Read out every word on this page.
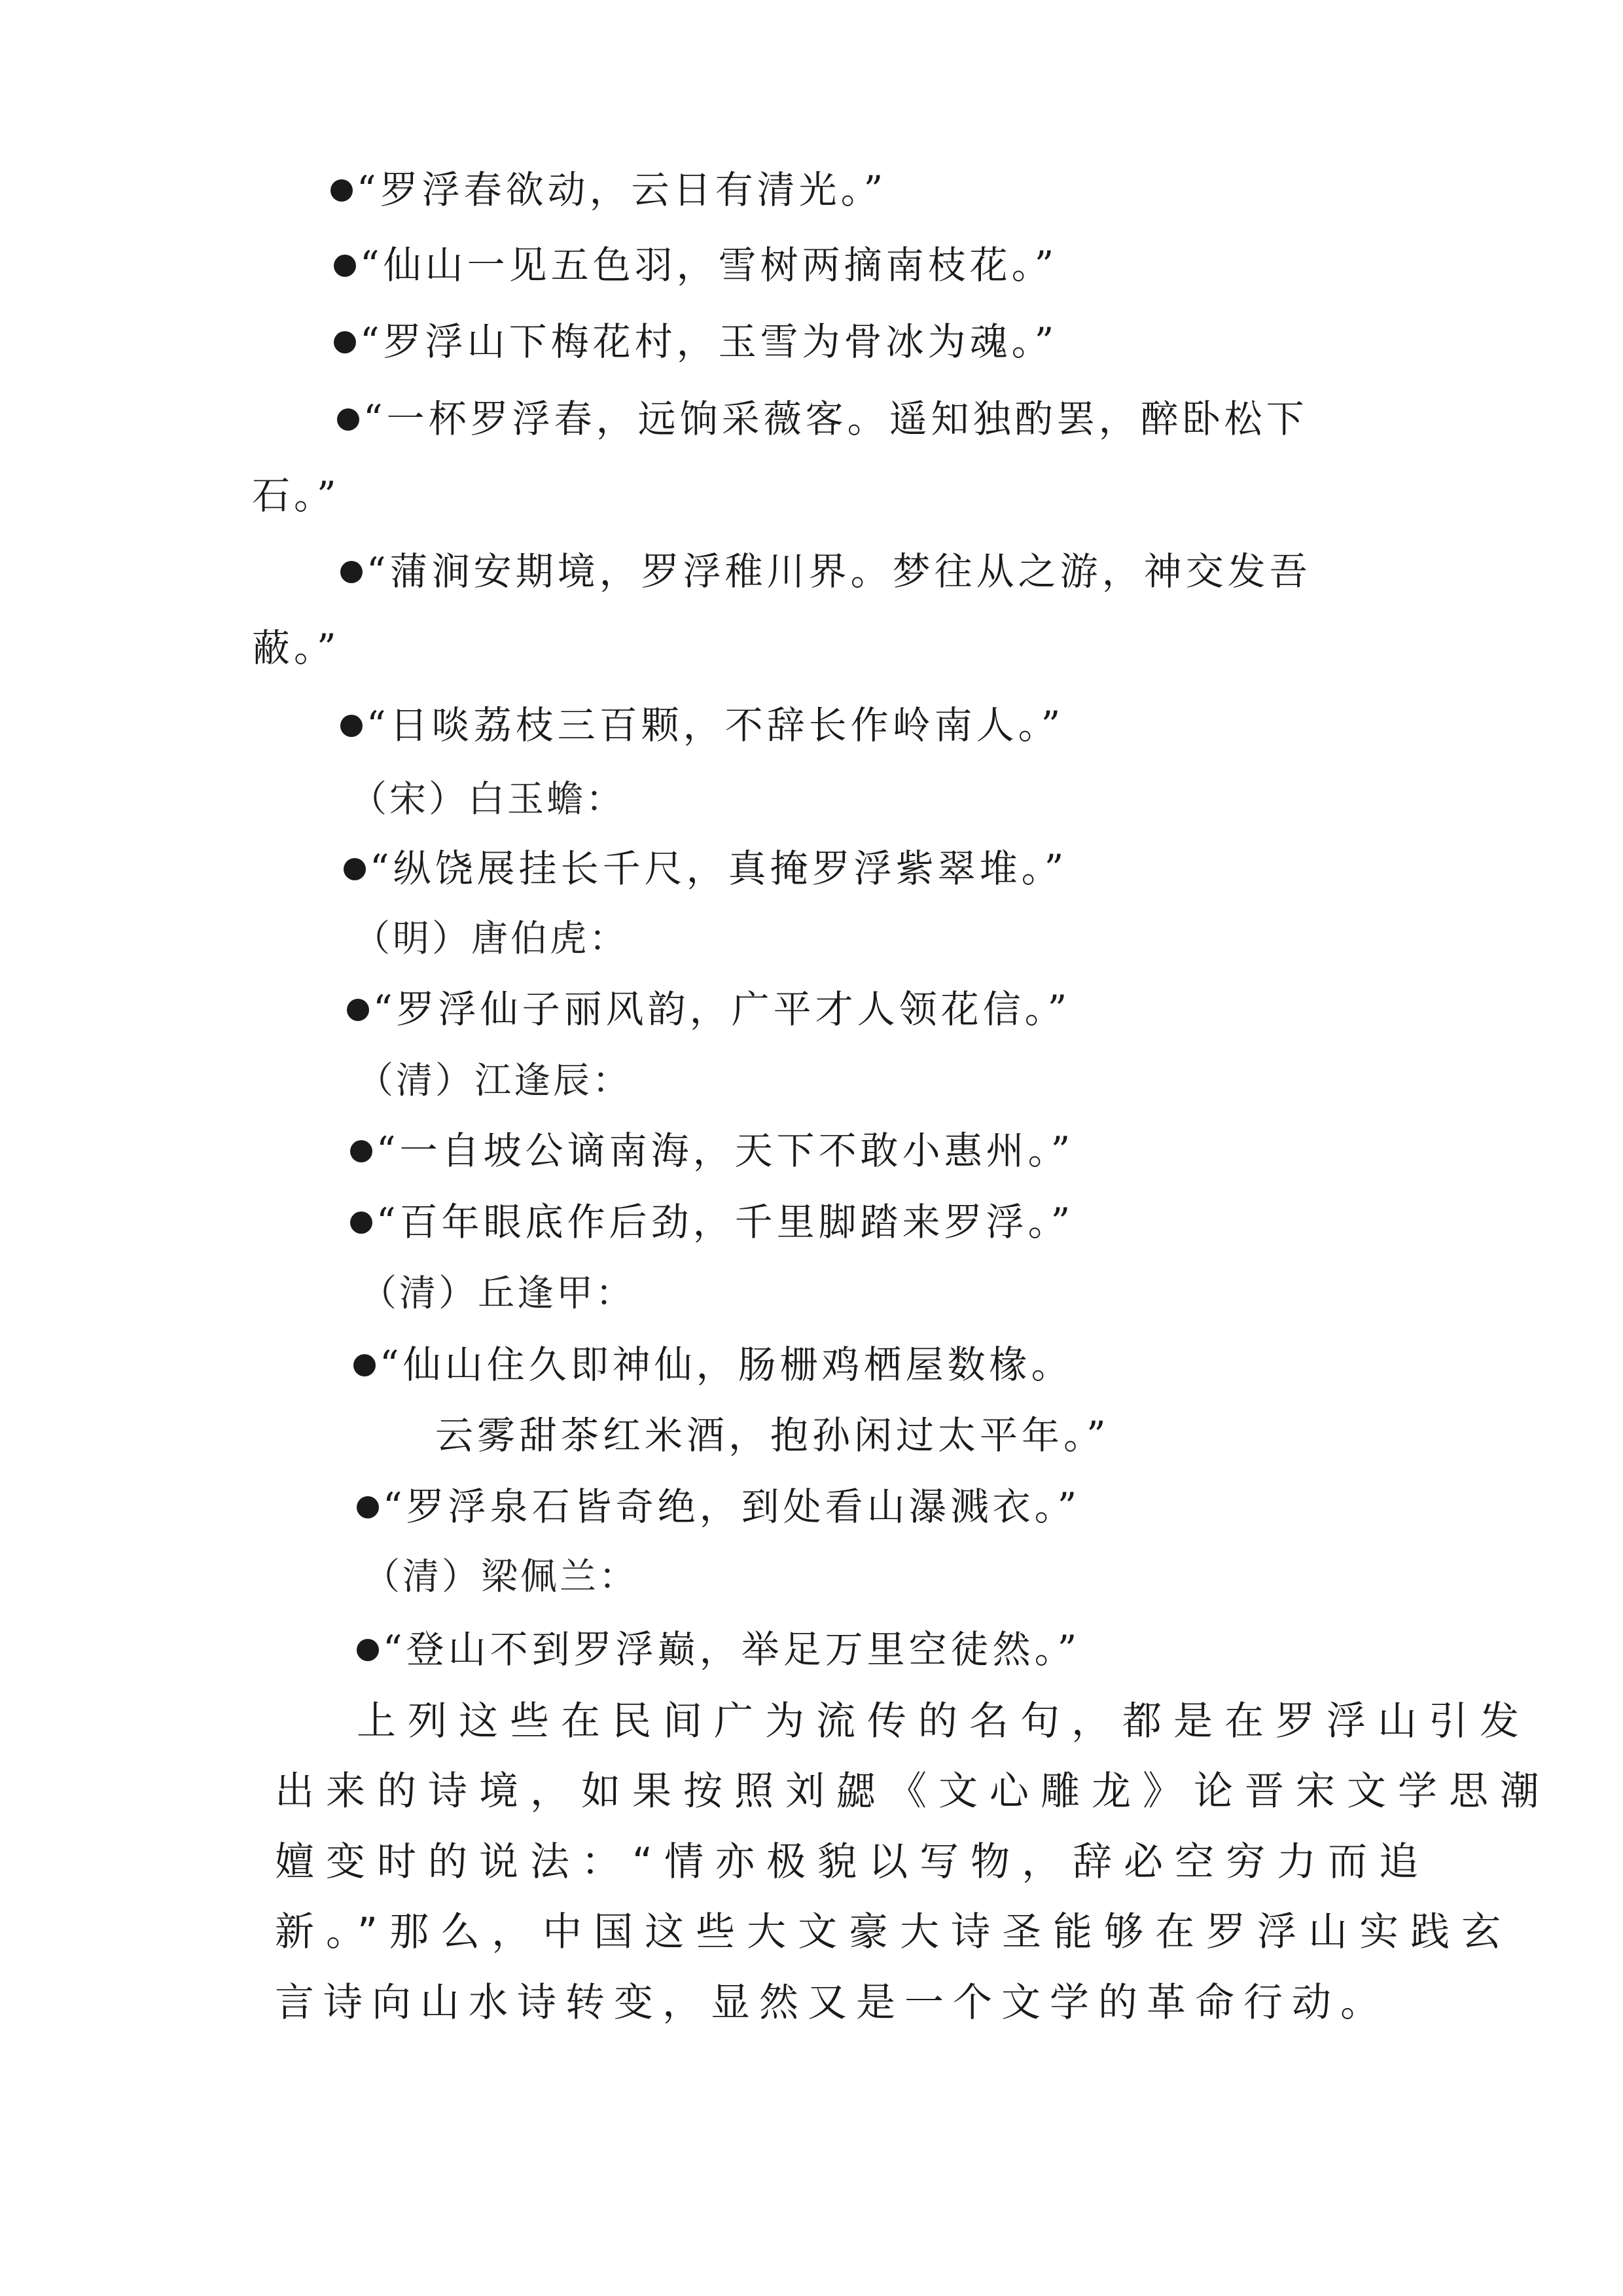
“罗浮春欲动，云日有清光。”
“仙山一见五色羽，雪树两摘南枝花。”
“罗浮山下梅花村，玉雪为骨冰为魂。”
“一杯罗浮春，远饷采薇客。遥知独酌罢，醉卧松下
石。”
“蒲涧安期境，罗浮稚川界。梦往从之游，神交发吾
蔽。”
“日啖荔枝三百颗，不辞长作岭南人。”
（宋）白玉蟾：
“纵饶展挂长千尺，真掩罗浮紫翠堆。”
（明）唐伯虎：
“罗浮仙子丽风韵，广平才人领花信。”
（清）江逢辰：
“一自坡公谪南海，天下不敢小惠州。”
“百年眼底作后劲，千里脚踏来罗浮。”
（清）丘逢甲：
“仙山住久即神仙，肠栅鸡栖屋数椽。
云雾甜茶红米酒，抱孙闲过太平年。”
“罗浮泉石皆奇绝，到处看山瀑溅衣。”
（清）梁佩兰：
“登山不到罗浮巅，举足万里空徒然。”
上列这些在民间广为流传的名句，都是在罗浮山引发
出来的诗境，如果按照刘勰《文心雕龙》论晋宋文学思潮
嬗变时的说法：“情亦极貌以写物，辞必空穷力而追
新。”那么，中国这些大文豪大诗圣能够在罗浮山实践玄
言诗向山水诗转变，显然又是一个文学的革命行动。
